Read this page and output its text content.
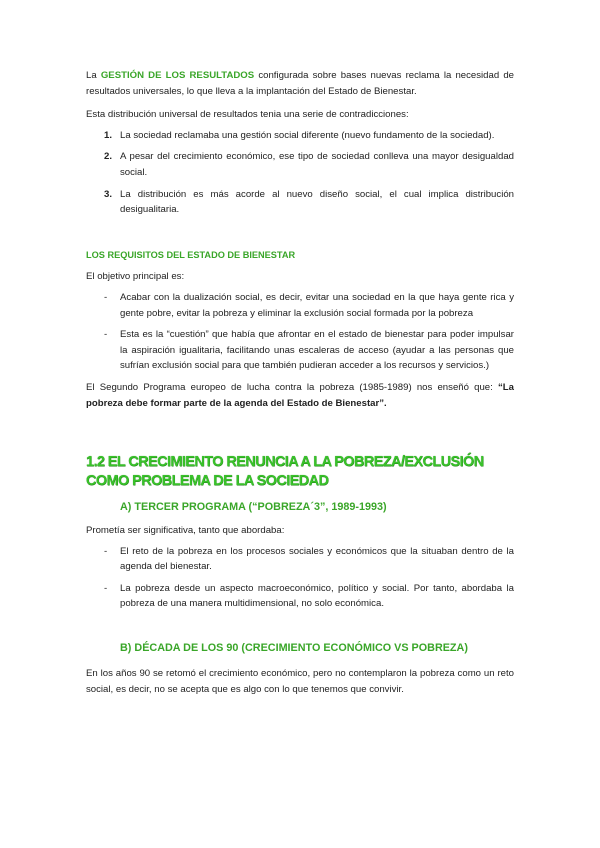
La GESTIÓN DE LOS RESULTADOS configurada sobre bases nuevas reclama la necesidad de resultados universales, lo que lleva a la implantación del Estado de Bienestar.

Esta distribución universal de resultados tenia una serie de contradicciones:

1. La sociedad reclamaba una gestión social diferente (nuevo fundamento de la sociedad).
2. A pesar del crecimiento económico, ese tipo de sociedad conlleva una mayor desigualdad social.
3. La distribución es más acorde al nuevo diseño social, el cual implica distribución desigualitaria.
LOS REQUISITOS DEL ESTADO DE BIENESTAR

El objetivo principal es:

- Acabar con la dualización social, es decir, evitar una sociedad en la que haya gente rica y gente pobre, evitar la pobreza y eliminar la exclusión social formada por la pobreza
- Esta es la “cuestión” que había que afrontar en el estado de bienestar para poder impulsar la aspiración igualitaria, facilitando unas escaleras de acceso (ayudar a las personas que sufrían exclusión social para que también pudieran acceder a los recursos y servicios.)

El Segundo Programa europeo de lucha contra la pobreza (1985-1989) nos enseñó que: “La pobreza debe formar parte de la agenda del Estado de Bienestar”.

1.2 EL CRECIMIENTO RENUNCIA A LA POBREZA/EXCLUSIÓN COMO PROBLEMA DE LA SOCIEDAD
A) TERCER PROGRAMA (“POBREZA´3”, 1989-1993)

Prometía ser significativa, tanto que abordaba:

- El reto de la pobreza en los procesos sociales y económicos que la situaban dentro de la agenda del bienestar.
- La pobreza desde un aspecto macroeconómico, político y social. Por tanto, abordaba la pobreza de una manera multidimensional, no solo económica.
B) DÉCADA DE LOS 90 (CRECIMIENTO ECONÓMICO VS POBREZA)

En los años 90 se retomó el crecimiento económico, pero no contemplaron la pobreza como un reto social, es decir, no se acepta que es algo con lo que tenemos que convivir.
